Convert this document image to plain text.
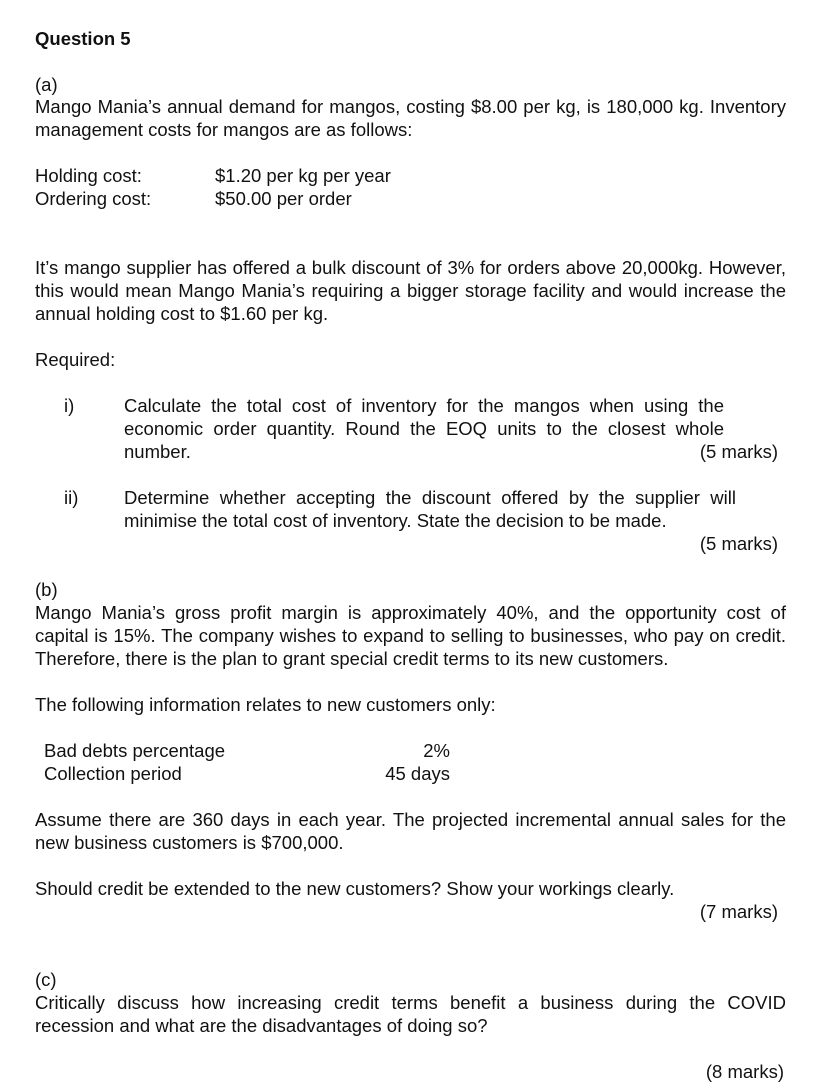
Question 5
(a)
Mango Mania’s annual demand for mangos, costing $8.00 per kg, is 180,000 kg. Inventory management costs for mangos are as follows:
Holding cost:	$1.20 per kg per year
Ordering cost:	$50.00 per order
It’s mango supplier has offered a bulk discount of 3% for orders above 20,000kg. However, this would mean Mango Mania’s requiring a bigger storage facility and would increase the annual holding cost to $1.60 per kg.
Required:
i)	Calculate the total cost of inventory for the mangos when using the economic order quantity. Round the EOQ units to the closest whole number.	(5 marks)
ii) Determine whether accepting the discount offered by the supplier will minimise the total cost of inventory. State the decision to be made.
(5 marks)
(b)
Mango Mania’s gross profit margin is approximately 40%, and the opportunity cost of capital is 15%. The company wishes to expand to selling to businesses, who pay on credit. Therefore, there is the plan to grant special credit terms to its new customers.
The following information relates to new customers only:
Bad debts percentage	2%
Collection period	45 days
Assume there are 360 days in each year. The projected incremental annual sales for the new business customers is $700,000.
Should credit be extended to the new customers? Show your workings clearly.
(7 marks)
(c)
Critically discuss how increasing credit terms benefit a business during the COVID recession and what are the disadvantages of doing so?
(8 marks)
